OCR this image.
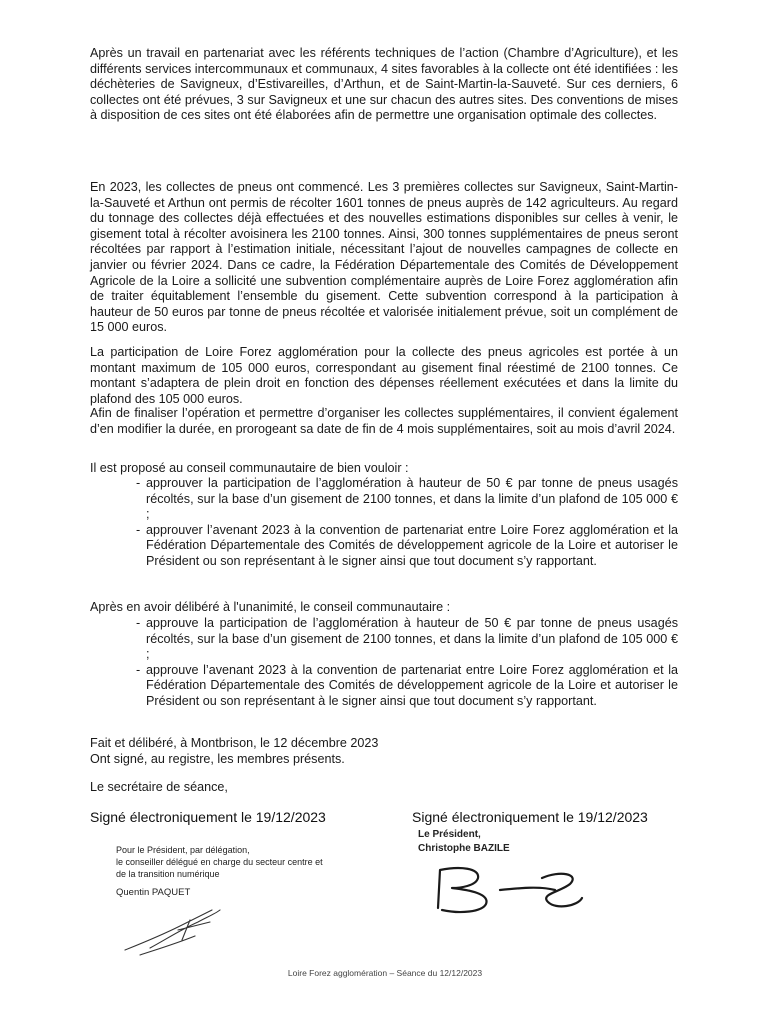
Après un travail en partenariat avec les référents techniques de l’action (Chambre d’Agriculture), et les différents services intercommunaux et communaux, 4 sites favorables à la collecte ont été identifiées : les déchèteries de Savigneux, d’Estivareilles, d’Arthun, et de Saint-Martin-la-Sauveté. Sur ces derniers, 6 collectes ont été prévues, 3 sur Savigneux et une sur chacun des autres sites. Des conventions de mises à disposition de ces sites ont été élaborées afin de permettre une organisation optimale des collectes.

En 2023, les collectes de pneus ont commencé. Les 3 premières collectes sur Savigneux, Saint-Martin-la-Sauveté et Arthun ont permis de récolter 1601 tonnes de pneus auprès de 142 agriculteurs. Au regard du tonnage des collectes déjà effectuées et des nouvelles estimations disponibles sur celles à venir, le gisement total à récolter avoisinera les 2100 tonnes. Ainsi, 300 tonnes supplémentaires de pneus seront récoltées par rapport à l’estimation initiale, nécessitant l’ajout de nouvelles campagnes de collecte en janvier ou février 2024. Dans ce cadre, la Fédération Départementale des Comités de Développement Agricole de la Loire a sollicité une subvention complémentaire auprès de Loire Forez agglomération afin de traiter équitablement l’ensemble du gisement. Cette subvention correspond à la participation à hauteur de 50 euros par tonne de pneus récoltée et valorisée initialement prévue, soit un complément de 15 000 euros.

La participation de Loire Forez agglomération pour la collecte des pneus agricoles est portée à un montant maximum de 105 000 euros, correspondant au gisement final réestimé de 2100 tonnes. Ce montant s’adaptera de plein droit en fonction des dépenses réellement exécutées et dans la limite du plafond des 105 000 euros.

Afin de finaliser l’opération et permettre d’organiser les collectes supplémentaires, il convient également d’en modifier la durée, en prorogeant sa date de fin de 4 mois supplémentaires, soit au mois d’avril 2024.

Il est proposé au conseil communautaire de bien vouloir :

- approuver la participation de l’agglomération à hauteur de 50 € par tonne de pneus usagés récoltés, sur la base d’un gisement de 2100 tonnes, et dans la limite d’un plafond de 105 000 € ;
- approuver l’avenant 2023 à la convention de partenariat entre Loire Forez agglomération et la Fédération Départementale des Comités de développement agricole de la Loire et autoriser le Président ou son représentant à le signer ainsi que tout document s’y rapportant.

Après en avoir délibéré à l'unanimité, le conseil communautaire :

- approuve la participation de l’agglomération à hauteur de 50 € par tonne de pneus usagés récoltés, sur la base d’un gisement de 2100 tonnes, et dans la limite d’un plafond de 105 000 € ;
- approuve l’avenant 2023 à la convention de partenariat entre Loire Forez agglomération et la Fédération Départementale des Comités de développement agricole de la Loire et autoriser le Président ou son représentant à le signer ainsi que tout document s’y rapportant.
Fait et délibéré, à Montbrison, le 12 décembre 2023
Ont signé, au registre, les membres présents.
Le secrétaire de séance,
Signé électroniquement le 19/12/2023	Signé électroniquement le 19/12/2023
Pour le Président, par délégation,
le conseiller délégué en charge du secteur centre et
de la transition numérique
Quentin PAQUET
Le Président,
Christophe BAZILE
Loire Forez agglomération – Séance du 12/12/2023
